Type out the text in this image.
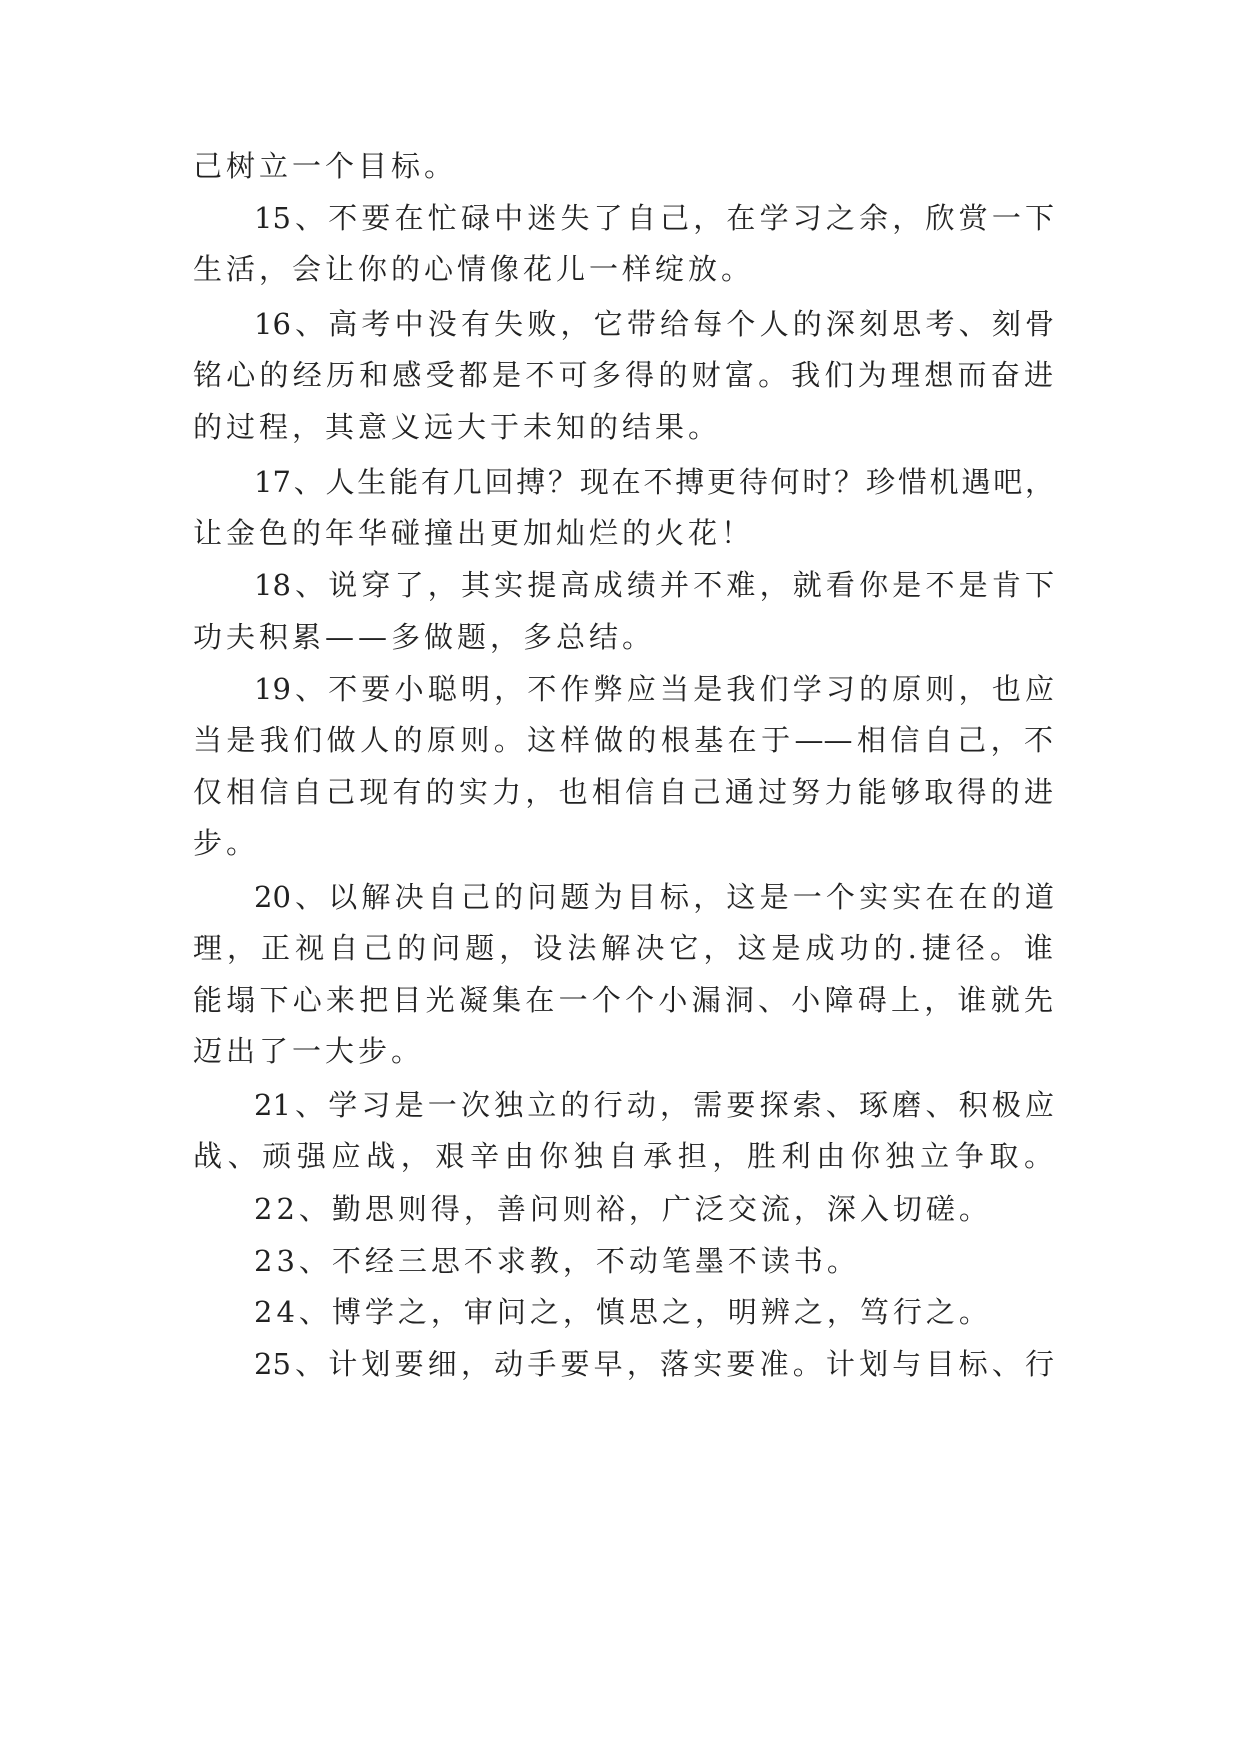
己树立一个目标。
15、不要在忙碌中迷失了自己，在学习之余，欣赏一下
生活，会让你的心情像花儿一样绽放。
16、高考中没有失败，它带给每个人的深刻思考、刻骨
铭心的经历和感受都是不可多得的财富。我们为理想而奋进
的过程，其意义远大于未知的结果。
17、人生能有几回搏？现在不搏更待何时？珍惜机遇吧，
让金色的年华碰撞出更加灿烂的火花！
18、说穿了，其实提高成绩并不难，就看你是不是肯下
功夫积累——多做题，多总结。
19、不要小聪明，不作弊应当是我们学习的原则，也应
当是我们做人的原则。这样做的根基在于——相信自己，不
仅相信自己现有的实力，也相信自己通过努力能够取得的进
步。
20、以解决自己的问题为目标，这是一个实实在在的道
理，正视自己的问题，设法解决它，这是成功的.捷径。谁
能塌下心来把目光凝集在一个个小漏洞、小障碍上，谁就先
迈出了一大步。
21、学习是一次独立的行动，需要探索、琢磨、积极应
战、顽强应战，艰辛由你独自承担，胜利由你独立争取。
22、勤思则得，善问则裕，广泛交流，深入切磋。
23、不经三思不求教，不动笔墨不读书。
24、博学之，审问之，慎思之，明辨之，笃行之。
25、计划要细，动手要早，落实要准。计划与目标、行
